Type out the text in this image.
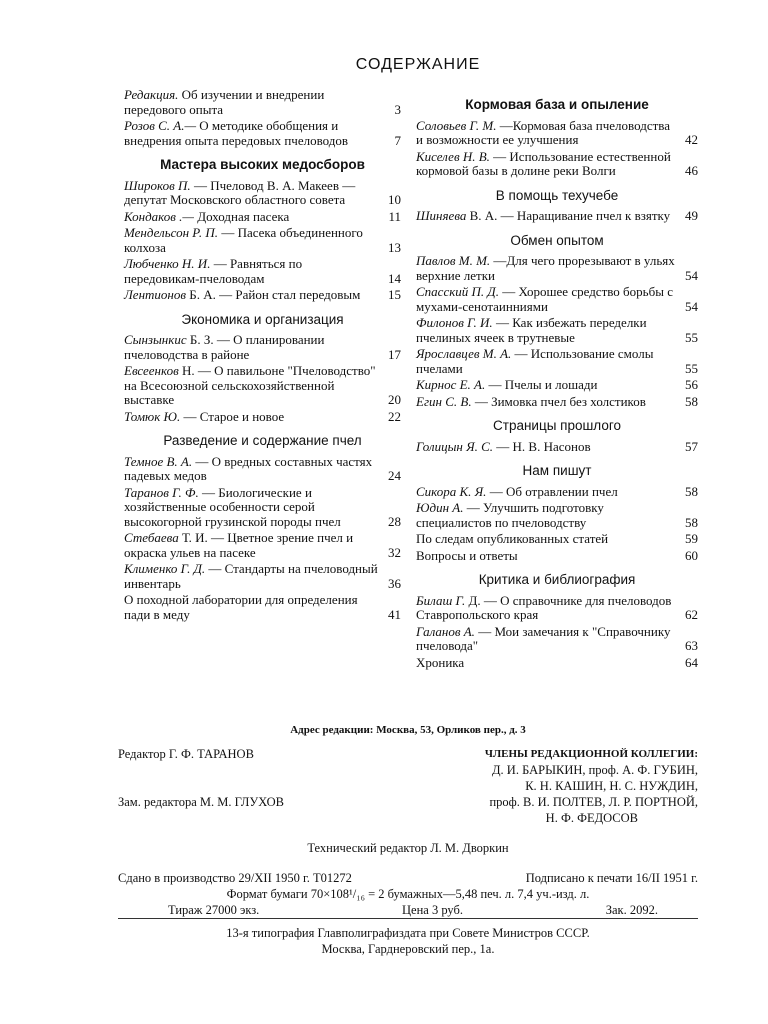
СОДЕРЖАНИЕ
Редакция. Об изучении и внедрении передового опыта	3
Розов С. А.— О методике обобщения и внедрения опыта передовых пчеловодов	7
Мастера высоких медосборов
Широков П. — Пчеловод В. А. Макеев — депутат Московского областного совета	10
Кондаков .— Доходная пасека	11
Мендельсон Р. П. — Пасека объединенного колхоза	13
Любченко Н. И. — Равняться по передовикам-пчеловодам	14
Лентионов Б. А. — Район стал передовым	15
Экономика и организация
Сынзынкис Б. З. — О планировании пчеловодства в районе	17
Евсеенков Н. — О павильоне "Пчеловодство" на Всесоюзной сельскохозяйственной выставке	20
Томюк Ю. — Старое и новое	22
Разведение и содержание пчел
Темное В. А. — О вредных составных частях падевых медов	24
Таранов Г. Ф. — Биологические и хозяйственные особенности серой высокогорной грузинской породы пчел	28
Стебаева Т. И. — Цветное зрение пчел и окраска ульев на пасеке	32
Клименко Г. Д. — Стандарты на пчеловодный инвентарь	36
О походной лаборатории для определения пади в меду	41
Кормовая база и опыление
Соловьев Г. М. —Кормовая база пчеловодства и возможности ее улучшения	42
Киселев Н. В. — Использование естественной кормовой базы в долине реки Волги	46
В помощь техучебе
Шиняева В. А. — Наращивание пчел к взятку	49
Обмен опытом
Павлов М. М. —Для чего прорезывают в ульях верхние летки	54
Спасский П. Д. — Хорошее средство борьбы с мухами-сенотаинниями	54
Филонов Г. И. — Как избежать переделки пчелиных ячеек в трутневые	55
Ярославцев М. А. — Использование смолы пчелами	55
Кирнос Е. А. — Пчелы и лошади	56
Егин С. В. — Зимовка пчел без холстиков	58
Страницы прошлого
Голицын Я. С. — Н. В. Насонов	57
Нам пишут
Сикора К. Я. — Об отравлении пчел	58
Юдин А. — Улучшить подготовку специалистов по пчеловодству	58
По следам опубликованных статей	59
Вопросы и ответы	60
Критика и библиография
Билаш Г. Д. — О справочнике для пчеловодов Ставропольского края	62
Галанов А. — Мои замечания к "Справочнику пчеловода"	63
Хроника	64
Адрес редакции: Москва, 53, Орликов пер., д. 3
Редактор Г. Ф. ТАРАНОВ	ЧЛЕНЫ РЕДАКЦИОННОЙ КОЛЛЕГИИ:
Д. И. БАРЫКИН, проф. А. Ф. ГУБИН,
К. Н. КАШИН, Н. С. НУЖДИН,
Зам. редактора М. М. ГЛУХОВ	проф. В. И. ПОЛТЕВ, Л. Р. ПОРТНОЙ,
Н. Ф. ФЕДОСОВ
Технический редактор Л. М. Дворкин
Сдано в производство 29/XII 1950 г. Т01272	Подписано к печати 16/II 1951 г.
Формат бумаги 70×108¹/₁₆ = 2 бумажных—5,48 печ. л. 7,4 уч.-изд. л.
Тираж 27000 экз.	Цена 3 руб.	Зак. 2092.
13-я типография Главполиграфиздата при Совете Министров СССР.
Москва, Гарднеровский пер., 1а.
